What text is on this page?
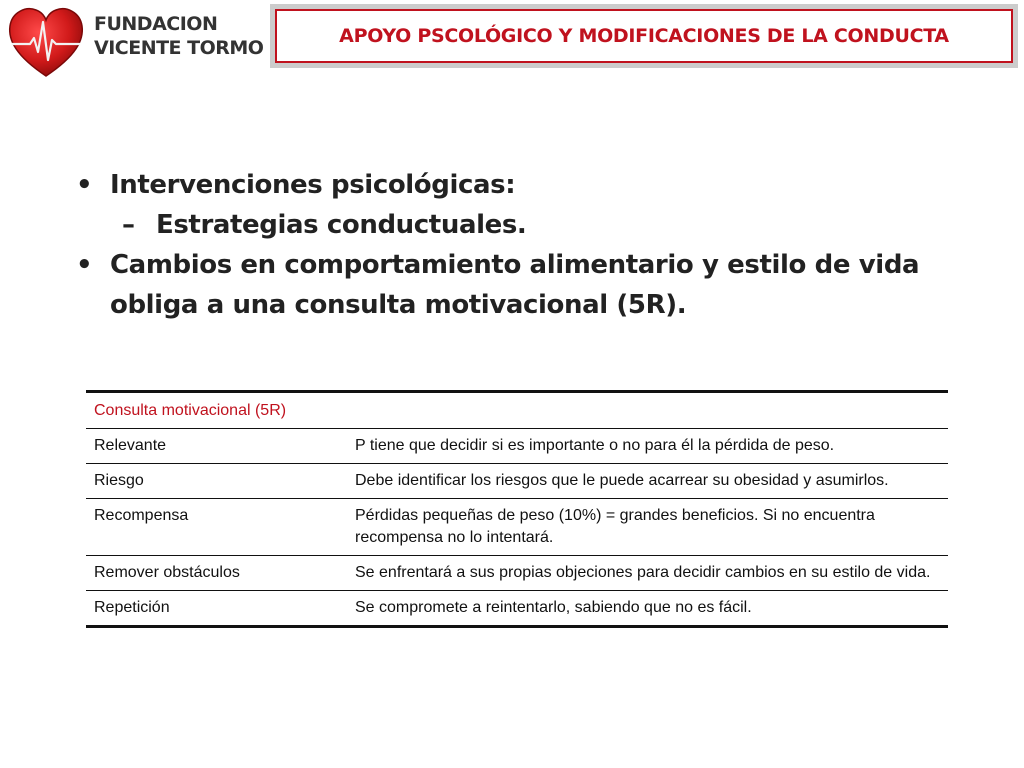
FUNDACION
VICENTE TORMO
APOYO PSCOLÓGICO Y MODIFICACIONES DE LA CONDUCTA
• Intervenciones psicológicas:
– Estrategias conductuales.
• Cambios en comportamiento alimentario y estilo de vida obliga a una consulta motivacional (5R).
Consulta motivacional (5R)	
Relevante	P tiene que decidir si es importante o no para él la pérdida de peso.
Riesgo	Debe identificar los riesgos que le puede acarrear su obesidad y asumirlos.
Recompensa	Pérdidas pequeñas de peso (10%) = grandes beneficios. Si no encuentra recompensa no lo intentará.
Remover obstáculos	Se enfrentará a sus propias objeciones para decidir cambios en su estilo de vida.
Repetición	Se compromete a reintentarlo, sabiendo que no es fácil.
